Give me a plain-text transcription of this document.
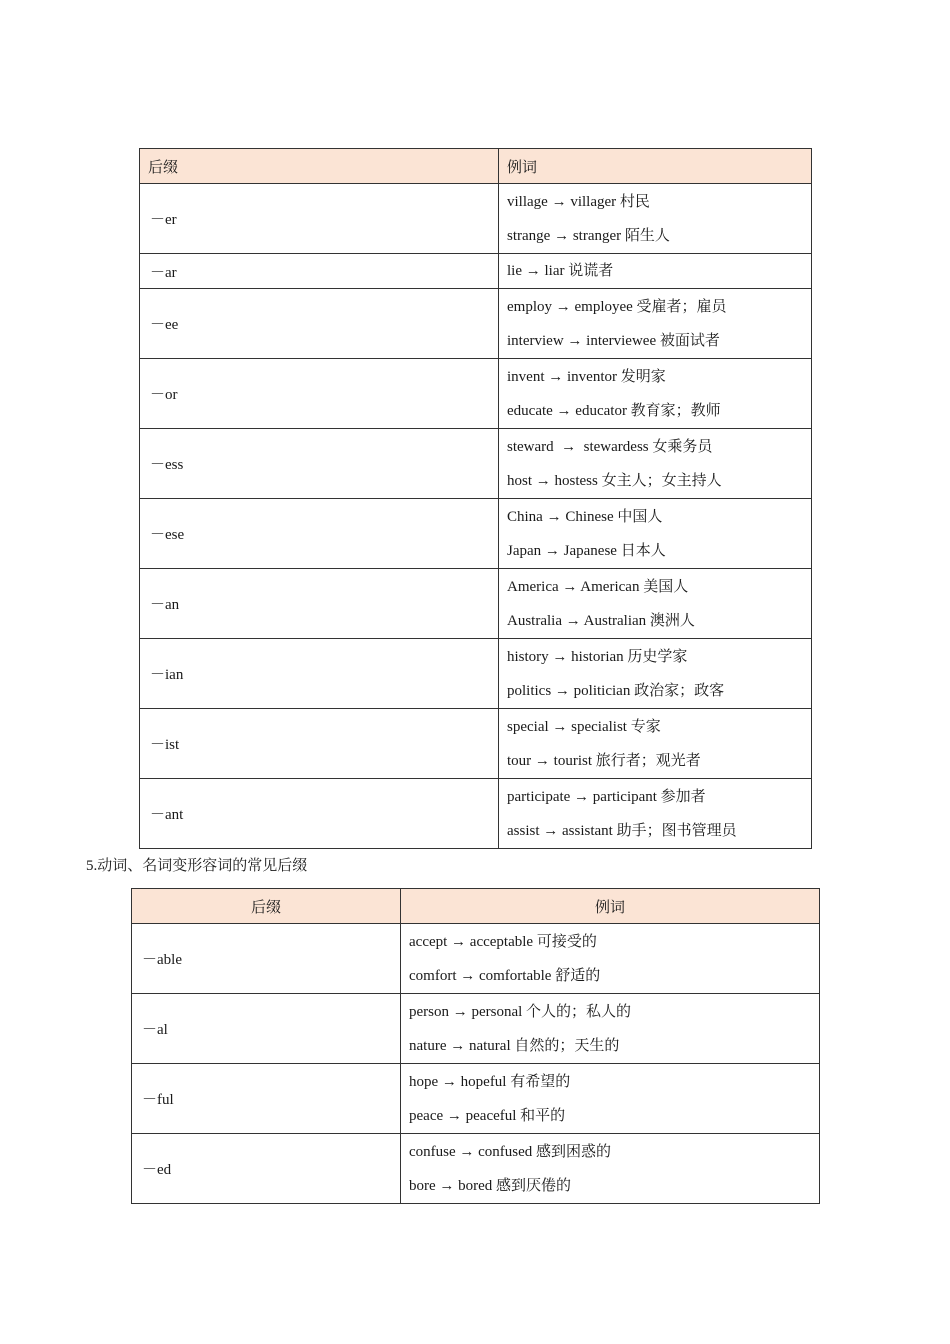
后缀	例词
－er	village → villager 村民
strange → stranger 陌生人

－ar	lie → liar 说谎者

－ee	employ → employee 受雇者；雇员
interview → interviewee 被面试者

－or	invent → inventor 发明家
educate → educator 教育家；教师

－ess	steward  →  stewardess 女乘务员
host → hostess 女主人；女主持人

－ese	China → Chinese 中国人
Japan → Japanese 日本人

－an	America → American 美国人
Australia → Australian 澳洲人

－ian	history → historian 历史学家
politics → politician 政治家；政客

－ist	special → specialist 专家
tour → tourist 旅行者；观光者

－ant	participate → participant 参加者
assist → assistant 助手；图书管理员
5.动词、名词变形容词的常见后缀
后缀	例词
－able	accept → acceptable 可接受的
comfort → comfortable 舒适的

－al	person → personal 个人的；私人的
nature → natural 自然的；天生的

－ful	hope → hopeful 有希望的
peace → peaceful 和平的

－ed	confuse → confused 感到困惑的
bore → bored 感到厌倦的
